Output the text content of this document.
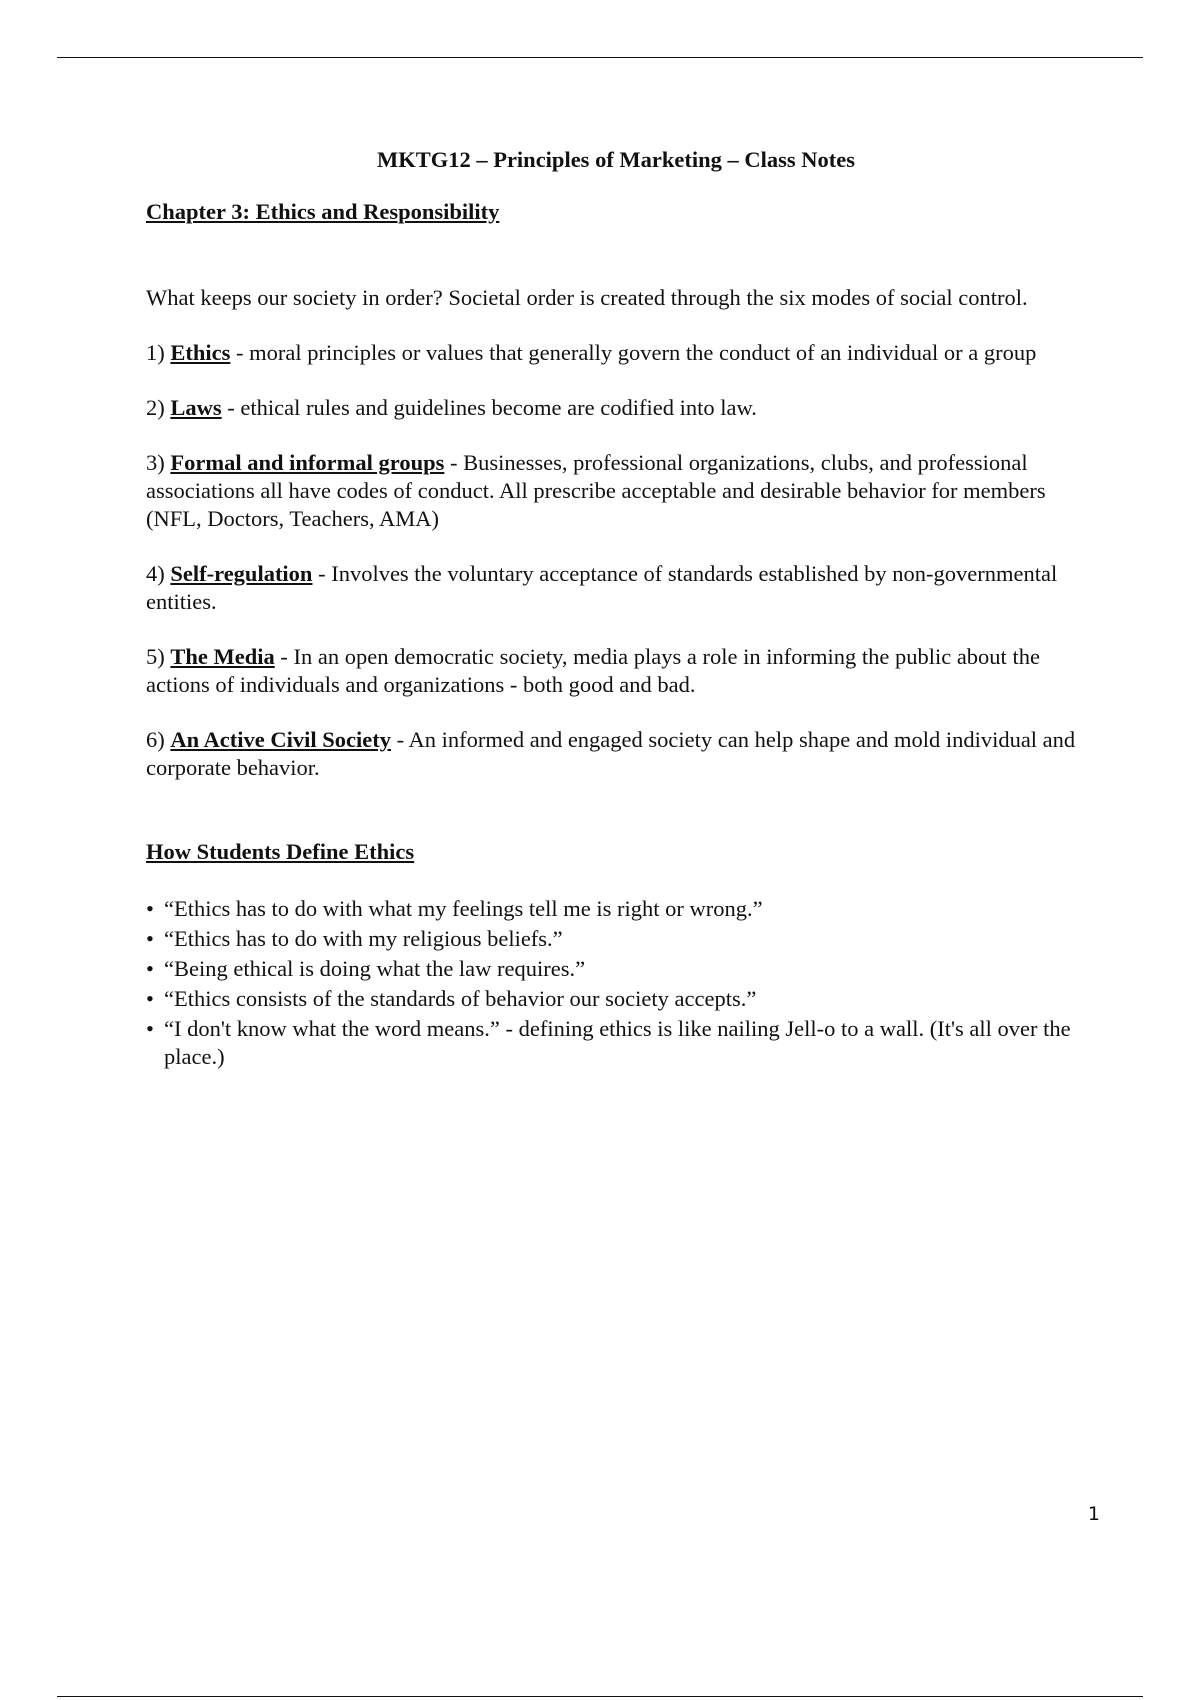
MKTG12 – Principles of Marketing – Class Notes

Chapter 3: Ethics and Responsibility

What keeps our society in order? Societal order is created through the six modes of social control.

1) Ethics - moral principles or values that generally govern the conduct of an individual or a group

2) Laws - ethical rules and guidelines become are codified into law.

3) Formal and informal groups - Businesses, professional organizations, clubs, and professional associations all have codes of conduct. All prescribe acceptable and desirable behavior for members (NFL, Doctors, Teachers, AMA)

4) Self-regulation - Involves the voluntary acceptance of standards established by non-governmental entities.

5) The Media - In an open democratic society, media plays a role in informing the public about the actions of individuals and organizations - both good and bad.

6) An Active Civil Society - An informed and engaged society can help shape and mold individual and corporate behavior.

How Students Define Ethics

• “Ethics has to do with what my feelings tell me is right or wrong.”
• “Ethics has to do with my religious beliefs.”
• “Being ethical is doing what the law requires.”
• “Ethics consists of the standards of behavior our society accepts.”
• “I don't know what the word means.” - defining ethics is like nailing Jell-o to a wall. (It's all over the place.)
1
